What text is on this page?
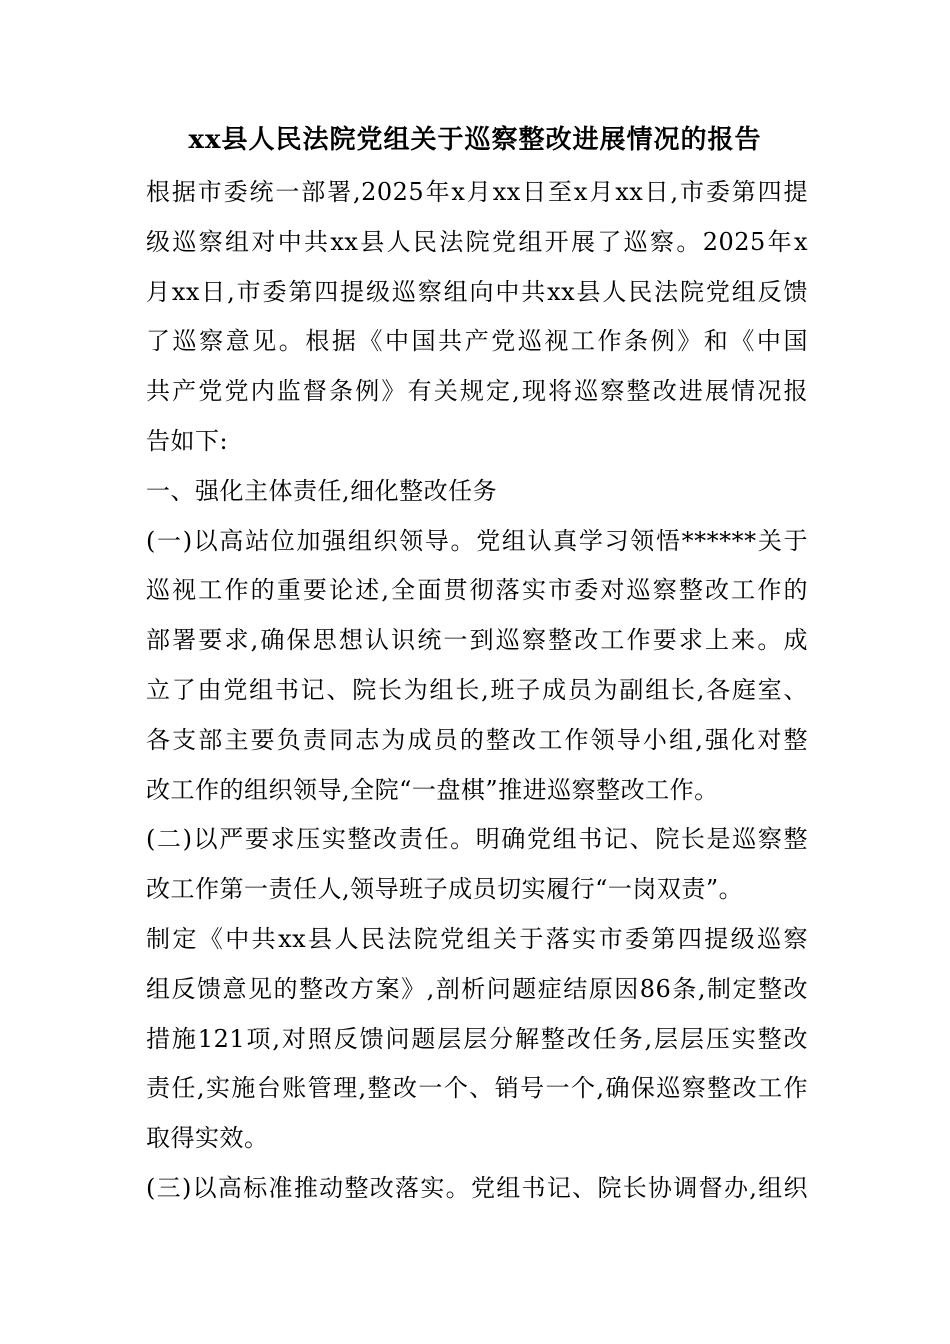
xx县人民法院党组关于巡察整改进展情况的报告
根据市委统一部署,2025年x月xx日至x月xx日,市委第四提
级巡察组对中共xx县人民法院党组开展了巡察。2025年x
月xx日,市委第四提级巡察组向中共xx县人民法院党组反馈
了巡察意见。根据《中国共产党巡视工作条例》和《中国
共产党党内监督条例》有关规定,现将巡察整改进展情况报
告如下:
一、强化主体责任,细化整改任务
(一)以高站位加强组织领导。党组认真学习领悟******关于
巡视工作的重要论述,全面贯彻落实市委对巡察整改工作的
部署要求,确保思想认识统一到巡察整改工作要求上来。成
立了由党组书记、院长为组长,班子成员为副组长,各庭室、
各支部主要负责同志为成员的整改工作领导小组,强化对整
改工作的组织领导,全院“一盘棋”推进巡察整改工作。
(二)以严要求压实整改责任。明确党组书记、院长是巡察整
改工作第一责任人,领导班子成员切实履行“一岗双责”。
制定《中共xx县人民法院党组关于落实市委第四提级巡察
组反馈意见的整改方案》,剖析问题症结原因86条,制定整改
措施121项,对照反馈问题层层分解整改任务,层层压实整改
责任,实施台账管理,整改一个、销号一个,确保巡察整改工作
取得实效。
(三)以高标准推动整改落实。党组书记、院长协调督办,组织
